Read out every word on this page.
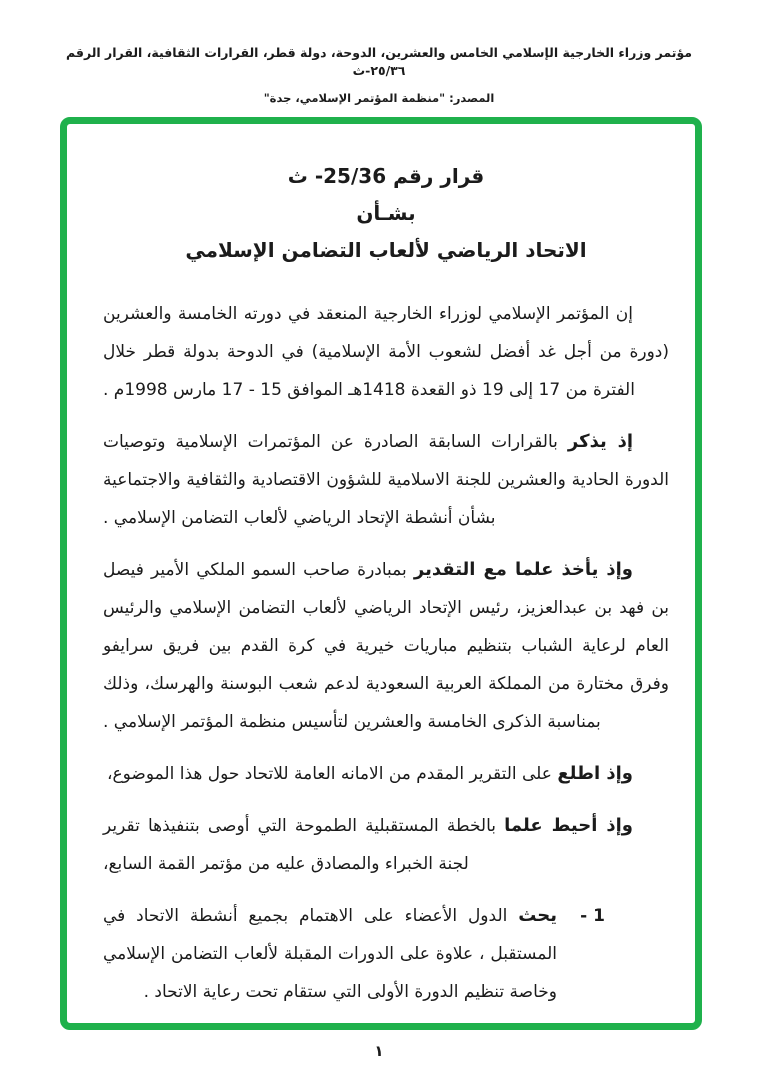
مؤتمر وزراء الخارجية الإسلامي الخامس والعشرين، الدوحة، دولة قطر، القرارات الثقافية، القرار الرقم ٢٥/٣٦-ث
المصدر: "منظمة المؤتمر الإسلامي، جدة"
قرار رقم 25/36- ث
بشـأن
الاتحاد الرياضي لألعاب التضامن الإسلامي

إن المؤتمر الإسلامي لوزراء الخارجية المنعقد في دورته الخامسة والعشرين (دورة من أجل غد أفضل لشعوب الأمة الإسلامية) في الدوحة بدولة قطر خلال الفترة من 17 إلى 19 ذو القعدة 1418هـ الموافق 15 - 17 مارس 1998م .

إذ يذكر بالقرارات السابقة الصادرة عن المؤتمرات الإسلامية وتوصيات الدورة الحادية والعشرين للجنة الاسلامية للشؤون الاقتصادية والثقافية والاجتماعية بشأن أنشطة الإتحاد الرياضي لألعاب التضامن الإسلامي .

وإذ يأخذ علما مع التقدير بمبادرة صاحب السمو الملكي الأمير فيصل بن فهد بن عبدالعزيز، رئيس الإتحاد الرياضي لألعاب التضامن الإسلامي والرئيس العام لرعاية الشباب بتنظيم مباريات خيرية في كرة القدم بين فريق سرايفو وفرق مختارة من المملكة العربية السعودية لدعم شعب البوسنة والهرسك، وذلك بمناسبة الذكرى الخامسة والعشرين لتأسيس منظمة المؤتمر الإسلامي .

وإذ اطلع على التقرير المقدم من الامانه العامة للاتحاد حول هذا الموضوع،

وإذ أحيط علما بالخطة المستقبلية الطموحة التي أوصى بتنفيذها تقرير لجنة الخبراء والمصادق عليه من مؤتمر القمة السابع،

1 -
يحث الدول الأعضاء على الاهتمام بجميع أنشطة الاتحاد في المستقبل ، علاوة على الدورات المقبلة لألعاب التضامن الإسلامي وخاصة تنظيم الدورة الأولى التي ستقام تحت رعاية الاتحاد .
١
